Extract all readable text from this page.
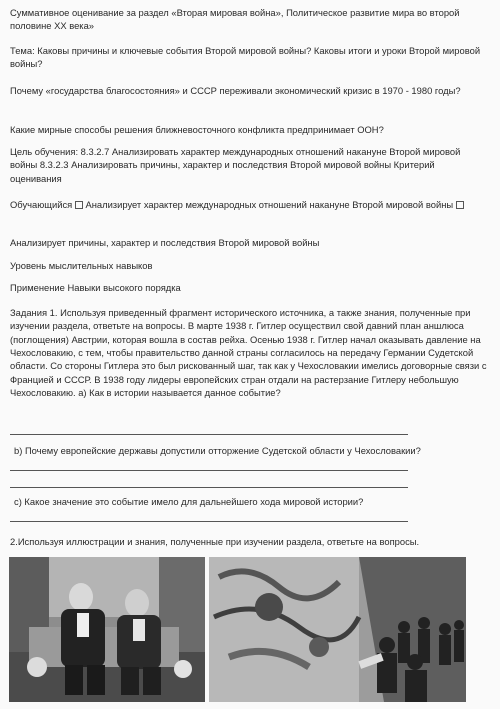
Суммативное оценивание за раздел «Вторая мировая война», Политическое развитие мира во второй половине ХХ века»

Тема: Каковы причины и ключевые события Второй мировой войны? Каковы итоги и уроки Второй мировой войны?

Почему «государства благосостояния» и СССР переживали экономический кризис в 1970 - 1980 годы?

Какие мирные способы решения ближневосточного конфликта предпринимает ООН?

Цель обучения: 8.3.2.7 Анализировать характер международных отношений накануне Второй мировой войны 8.3.2.3 Анализировать причины, характер и последствия Второй мировой войны Критерий оценивания

Обучающийся Анализирует характер международных отношений накануне Второй мировой войны

Анализирует причины, характер и последствия Второй мировой войны

Уровень мыслительных навыков

Применение Навыки высокого порядка

Задания 1. Используя приведенный фрагмент исторического источника, а также знания, полученные при изучении раздела, ответьте на вопросы. В марте 1938 г. Гитлер осуществил свой давний план аншлюса (поглощения) Австрии, которая вошла в состав рейха. Осенью 1938 г. Гитлер начал оказывать давление на Чехословакию, с тем, чтобы правительство данной страны согласилось на передачу Германии Судетской области. Со стороны Гитлера это был рискованный шаг, так как у Чехословакии имелись договорные связи с Францией и СССР. В 1938 году лидеры европейских стран отдали на растерзание Гитлеру небольшую Чехословакию. а) Как в истории называется данное событие?

b) Почему европейские державы допустили отторжение Судетской области у Чехословакии?

c) Какое значение это событие имело для дальнейшего хода мировой истории?

2.Используя иллюстрации и знания, полученные при изучении раздела, ответьте на вопросы.
